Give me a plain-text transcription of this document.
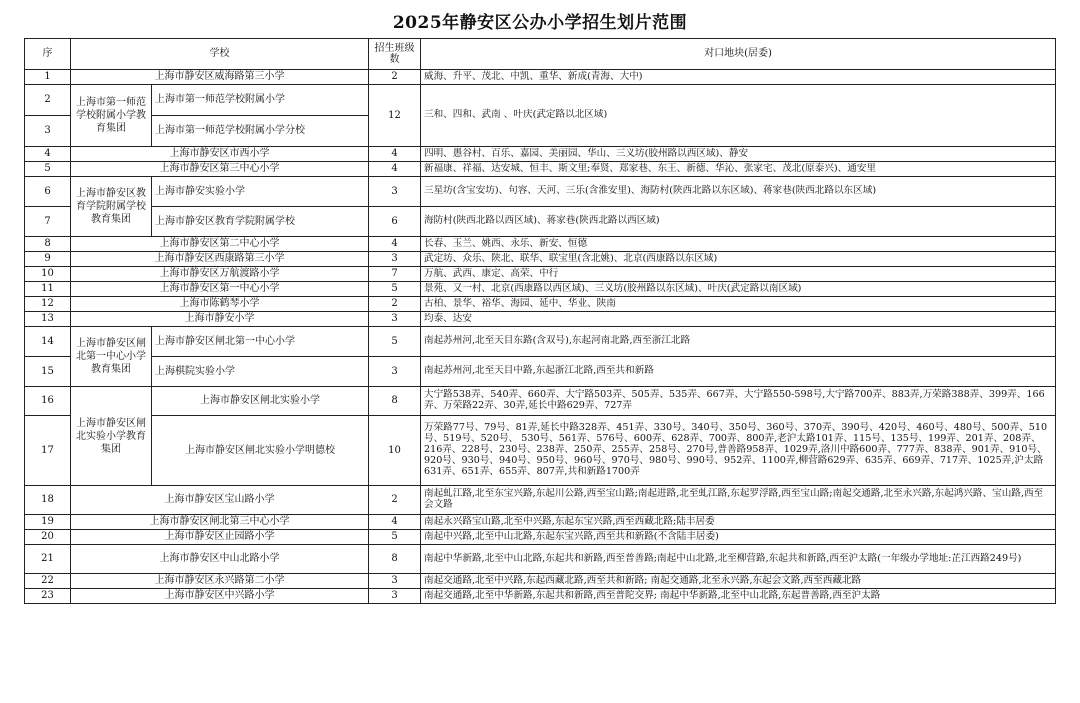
2025年静安区公办小学招生划片范围
序	学校		招生班级数	对口地块(居委)
1	上海市静安区威海路第三小学		2	威海、升平、茂北、中凯、重华、新成(青海、大中)
2	上海市第一师范学校附属小学教育集团	上海市第一师范学校附属小学	12	三和、四和、武南 、叶庆(武定路以北区域)
3		上海市第一师范学校附属小学分校		
4	上海市静安区市西小学		4	四明、愚谷村、百乐、嘉园、美丽园、华山、三义坊(胶州路以西区域)、静安
5	上海市静安区第三中心小学		4	新福康、祥福、达安城、恒丰、斯文里;奉贤、郑家巷、东王、新德、华沁、张家宅、茂北(原泰兴)、通安里
6	上海市静安区教育学院附属学校教育集团	上海市静安实验小学	3	三星坊(含宝安坊)、句容、天河、三乐(含淮安里)、海防村(陕西北路以东区域)、蒋家巷(陕西北路以东区域)
7		上海市静安区教育学院附属学校	6	海防村(陕西北路以西区域)、蒋家巷(陕西北路以西区域)
8	上海市静安区第二中心小学		4	长春、玉兰、姚西、永乐、新安、恒德
9	上海市静安区西康路第三小学		3	武定坊、众乐、陕北、联华、联宝里(含北姚)、北京(西康路以东区域)
10	上海市静安区万航渡路小学		7	万航、武西、康定、高荣、中行
11	上海市静安区第一中心小学		5	景苑、又一村、北京(西康路以西区域)、三义坊(胶州路以东区域)、叶庆(武定路以南区域)
12	上海市陈鹤琴小学		2	古柏、景华、裕华、海园、延中、华业、陕南
13	上海市静安小学		3	均泰、达安
14	上海市静安区闸北第一中心小学教育集团	上海市静安区闸北第一中心小学	5	南起苏州河,北至天目东路(含双号),东起河南北路,西至浙江北路
15		上海棋院实验小学	3	南起苏州河,北至天目中路,东起浙江北路,西至共和新路
16	上海市静安区闸北实验小学教育集团	上海市静安区闸北实验小学	8	大宁路538弄、540弄、660弄、大宁路503弄、505弄、535弄、667弄、大宁路550-598号,大宁路700弄、883弄,万荣路388弄、399弄、166弄、万荣路22弄、30弄,延长中路629弄、727弄
17		上海市静安区闸北实验小学明德校	10	万荣路77号、79号、81弄,延长中路328弄、451弄、330号、340号、350号、360号、370弄、390号、420号、460号、480号、500弄、510号、519号、520号、 530号、561弄、576号、600弄、628弄、700弄、800弄,老沪太路101弄、115号、135号、199弄、201弄、208弄、216弄、228号、230号、238弄、250弄、255弄、258号、270号,普善路958弄、1029弄,洛川中路600弄、777弄、838弄、901弄、910号、920号、930号、940号、950号、960号、970号、980号、990号、952弄、1100弄,柳营路629弄、635弄、669弄、717弄、1025弄,沪太路631弄、651弄、655弄、807弄,共和新路1700弄
18	上海市静安区宝山路小学		2	南起虬江路,北至东宝兴路,东起川公路,西至宝山路;南起进路,北至虬江路,东起罗浮路,西至宝山路;南起交通路,北至永兴路,东起鸿兴路、宝山路,西至会文路
19	上海市静安区闸北第三中心小学		4	南起永兴路宝山路,北至中兴路,东起东宝兴路,西至西藏北路;陆丰居委
20	上海市静安区止园路小学		5	南起中兴路,北至中山北路,东起东宝兴路,西至共和新路(不含陆丰居委)
21	上海市静安区中山北路小学		8	南起中华新路,北至中山北路,东起共和新路,西至普善路;南起中山北路,北至柳营路,东起共和新路,西至沪太路(一年级办学地址:芷江西路249号)
22	上海市静安区永兴路第二小学		3	南起交通路,北至中兴路,东起西藏北路,西至共和新路; 南起交通路,北至永兴路,东起会文路,西至西藏北路
23	上海市静安区中兴路小学		3	南起交通路,北至中华新路,东起共和新路,西至普陀交界; 南起中华新路,北至中山北路,东起普善路,西至沪太路
